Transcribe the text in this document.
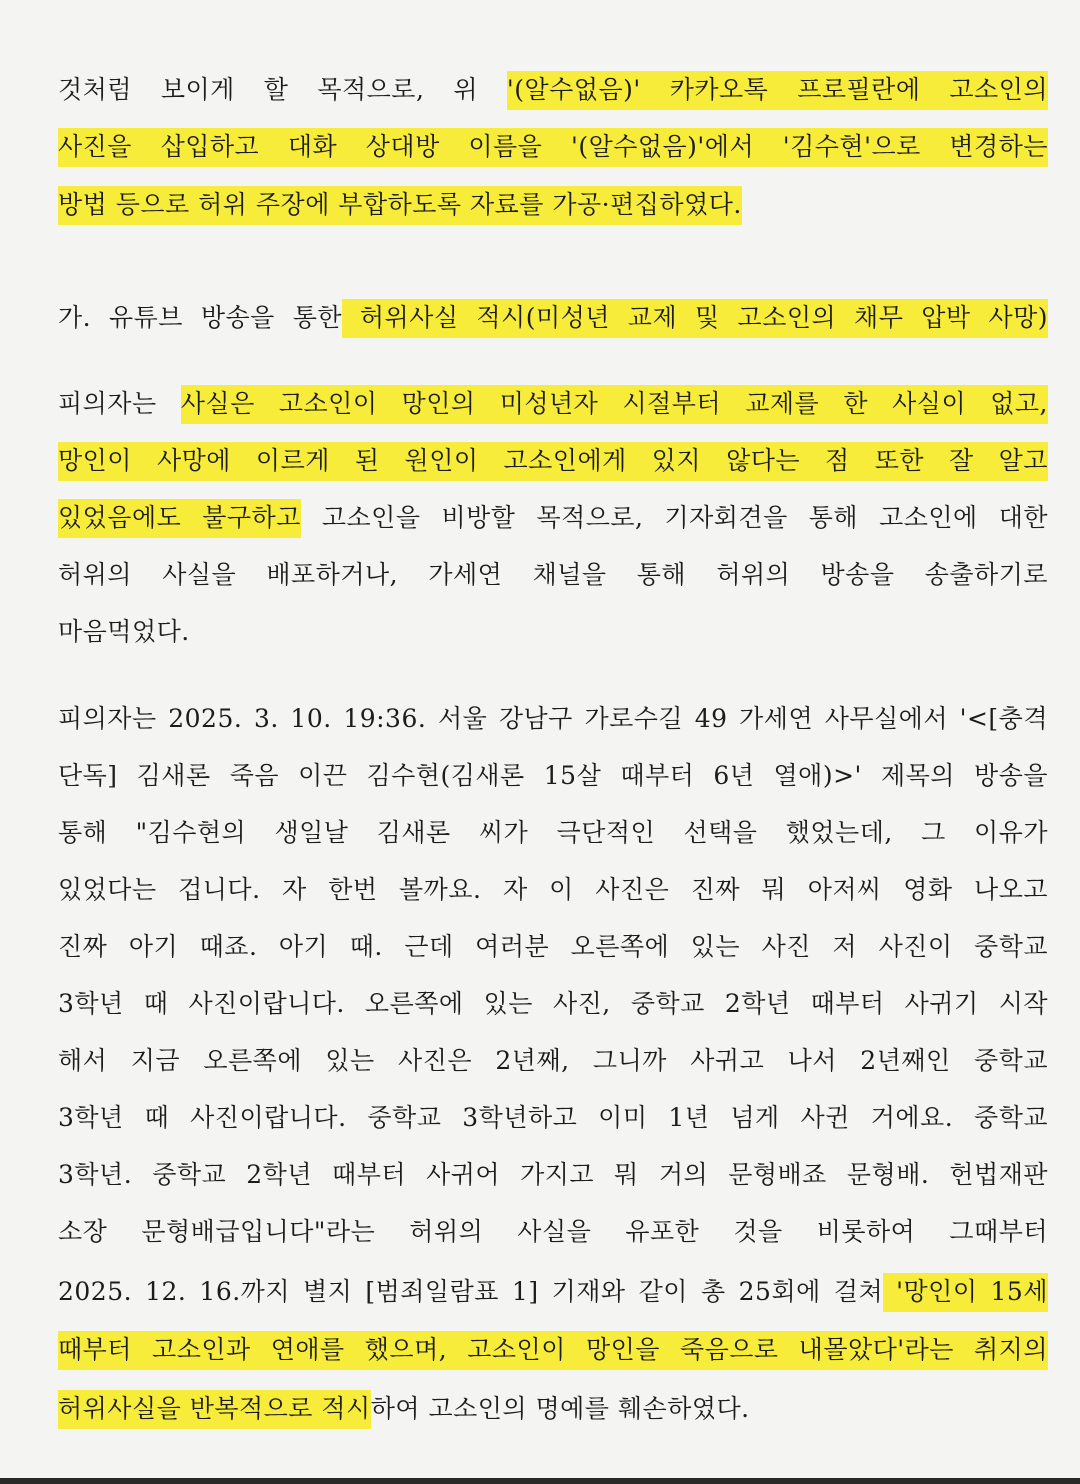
것처럼 보이게 할 목적으로, 위 '(알수없음)' 카카오톡 프로필란에 고소인의
사진을 삽입하고 대화 상대방 이름을 '(알수없음)'에서 '김수현'으로 변경하는
방법 등으로 허위 주장에 부합하도록 자료를 가공·편집하였다.
가. 유튜브 방송을 통한 허위사실 적시(미성년 교제 및 고소인의 채무 압박 사망)
피의자는 사실은 고소인이 망인의 미성년자 시절부터 교제를 한 사실이 없고,
망인이 사망에 이르게 된 원인이 고소인에게 있지 않다는 점 또한 잘 알고
있었음에도 불구하고 고소인을 비방할 목적으로, 기자회견을 통해 고소인에 대한
허위의 사실을 배포하거나, 가세연 채널을 통해 허위의 방송을 송출하기로
마음먹었다.
피의자는 2025. 3. 10. 19:36. 서울 강남구 가로수길 49 가세연 사무실에서 '<[충격
단독] 김새론 죽음 이끈 김수현(김새론 15살 때부터 6년 열애)>' 제목의 방송을
통해 "김수현의 생일날 김새론 씨가 극단적인 선택을 했었는데, 그 이유가
있었다는 겁니다. 자 한번 볼까요. 자 이 사진은 진짜 뭐 아저씨 영화 나오고
진짜 아기 때죠. 아기 때. 근데 여러분 오른쪽에 있는 사진 저 사진이 중학교
3학년 때 사진이랍니다. 오른쪽에 있는 사진, 중학교 2학년 때부터 사귀기 시작
해서 지금 오른쪽에 있는 사진은 2년째, 그니까 사귀고 나서 2년째인 중학교
3학년 때 사진이랍니다. 중학교 3학년하고 이미 1년 넘게 사귄 거에요. 중학교
3학년. 중학교 2학년 때부터 사귀어 가지고 뭐 거의 문형배죠 문형배. 헌법재판
소장 문형배급입니다"라는 허위의 사실을 유포한 것을 비롯하여 그때부터
2025. 12. 16.까지 별지 [범죄일람표 1] 기재와 같이 총 25회에 걸쳐 '망인이 15세
때부터 고소인과 연애를 했으며, 고소인이 망인을 죽음으로 내몰았다'라는 취지의
허위사실을 반복적으로 적시하여 고소인의 명예를 훼손하였다.
